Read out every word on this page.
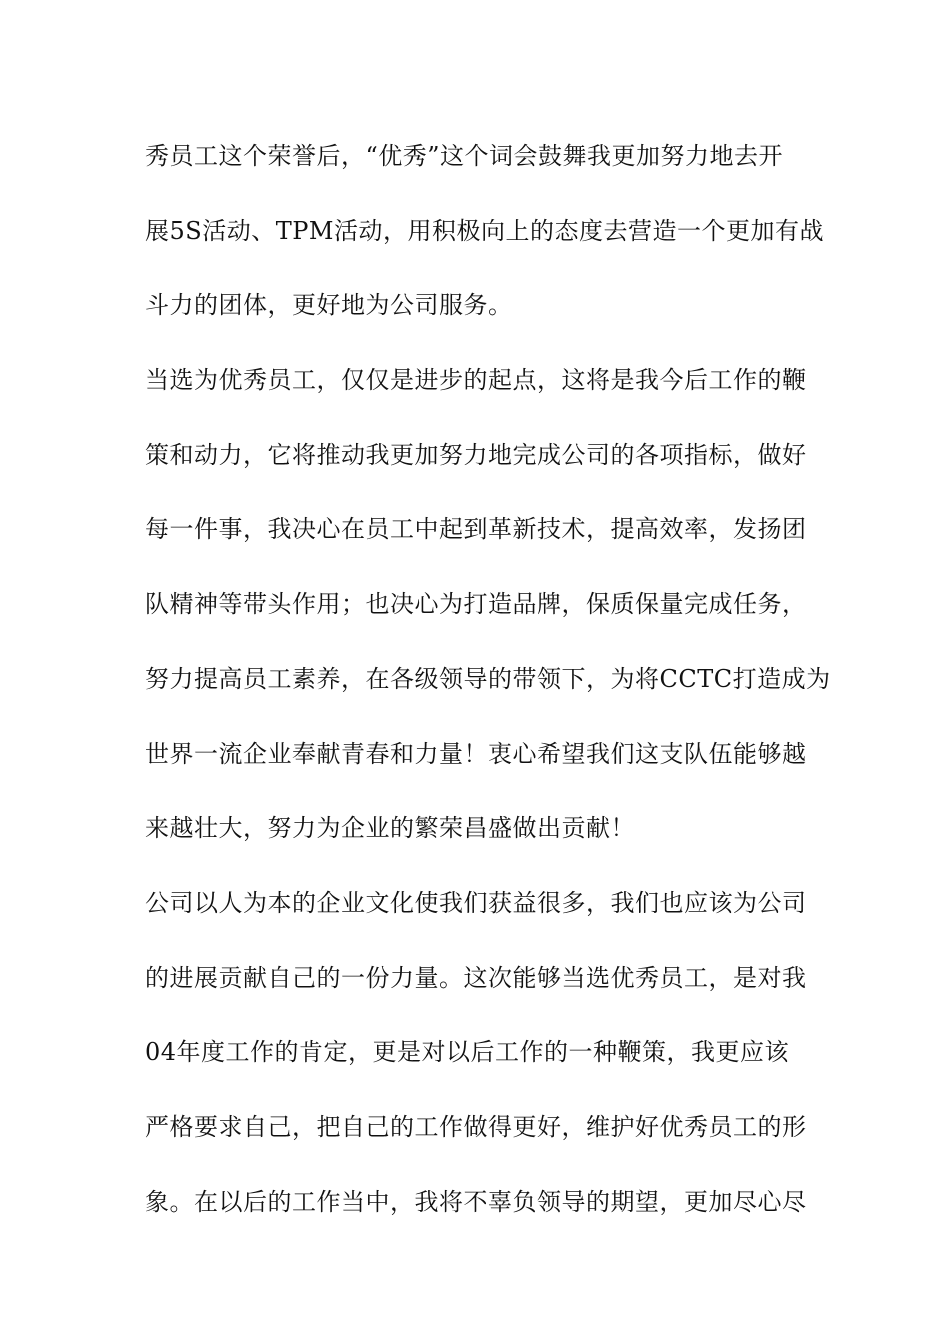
秀员工这个荣誉后，“优秀”这个词会鼓舞我更加努力地去开
展5S活动、TPM活动，用积极向上的态度去营造一个更加有战
斗力的团体，更好地为公司服务。
当选为优秀员工，仅仅是进步的起点，这将是我今后工作的鞭
策和动力，它将推动我更加努力地完成公司的各项指标，做好
每一件事，我决心在员工中起到革新技术，提高效率，发扬团
队精神等带头作用；也决心为打造品牌，保质保量完成任务，
努力提高员工素养，在各级领导的带领下，为将CCTC打造成为
世界一流企业奉献青春和力量！衷心希望我们这支队伍能够越
来越壮大，努力为企业的繁荣昌盛做出贡献！
公司以人为本的企业文化使我们获益很多，我们也应该为公司
的进展贡献自己的一份力量。这次能够当选优秀员工，是对我
04年度工作的肯定，更是对以后工作的一种鞭策，我更应该
严格要求自己，把自己的工作做得更好，维护好优秀员工的形
象。在以后的工作当中，我将不辜负领导的期望，更加尽心尽
